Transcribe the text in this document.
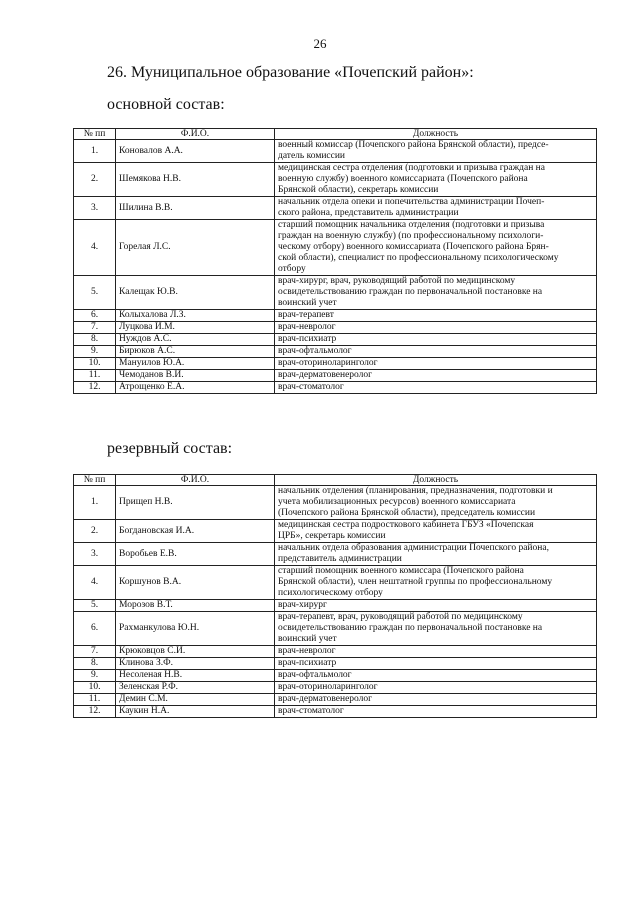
26
26. Муниципальное образование «Почепский район»:
основной состав:
№ пп	Ф.И.О.	Должность
1.	Коновалов А.А.	военный комиссар (Почепского района Брянской области), предсе-
датель комиссии

2.	Шемякова Н.В.	медицинская сестра отделения (подготовки и призыва граждан на
военную службу) военного комиссариата (Почепского района
Брянской области), секретарь комиссии

3.	Шилина В.В.	начальник отдела опеки и попечительства администрации Почеп-
ского района, представитель администрации

4.	Горелая Л.С.	старший помощник начальника отделения (подготовки и призыва
граждан на военную службу) (по профессиональному психологи-
ческому отбору) военного комиссариата (Почепского района Брян-
ской области), специалист по профессиональному психологическому
отбору

5.	Калещак Ю.В.	врач-хирург, врач, руководящий работой по медицинскому
освидетельствованию граждан по первоначальной постановке на
воинский учет

6.	Колыхалова Л.З.	врач-терапевт

7.	Луцкова И.М.	врач-невролог

8.	Нуждов А.С.	врач-психиатр

9.	Бирюков А.С.	врач-офтальмолог

10.	Мануилов Ю.А.	врач-оториноларинголог

11.	Чемоданов В.И.	врач-дерматовенеролог

12.	Атрощенко Е.А.	врач-стоматолог
резервный состав:
№ пп	Ф.И.О.	Должность
1.	Прищеп Н.В.	начальник отделения (планирования, предназначения, подготовки и
учета мобилизационных ресурсов) военного комиссариата
(Почепского района Брянской области), председатель комиссии

2.	Богдановская И.А.	медицинская сестра подросткового кабинета ГБУЗ «Почепская
ЦРБ», секретарь комиссии

3.	Воробьев Е.В.	начальник отдела образования администрации Почепского района,
представитель администрации

4.	Коршунов В.А.	старший помощник военного комиссара (Почепского района
Брянской области), член нештатной группы по профессиональному
психологическому отбору

5.	Морозов В.Т.	врач-хирург

6.	Рахманкулова Ю.Н.	врач-терапевт, врач, руководящий работой по медицинскому
освидетельствованию граждан по первоначальной постановке на
воинский учет

7.	Крюковцов С.И.	врач-невролог

8.	Клинова З.Ф.	врач-психиатр

9.	Несоленая Н.В.	врач-офтальмолог

10.	Зеленская Р.Ф.	врач-оториноларинголог

11.	Демин С.М.	врач-дерматовенеролог

12.	Каукин Н.А.	врач-стоматолог
